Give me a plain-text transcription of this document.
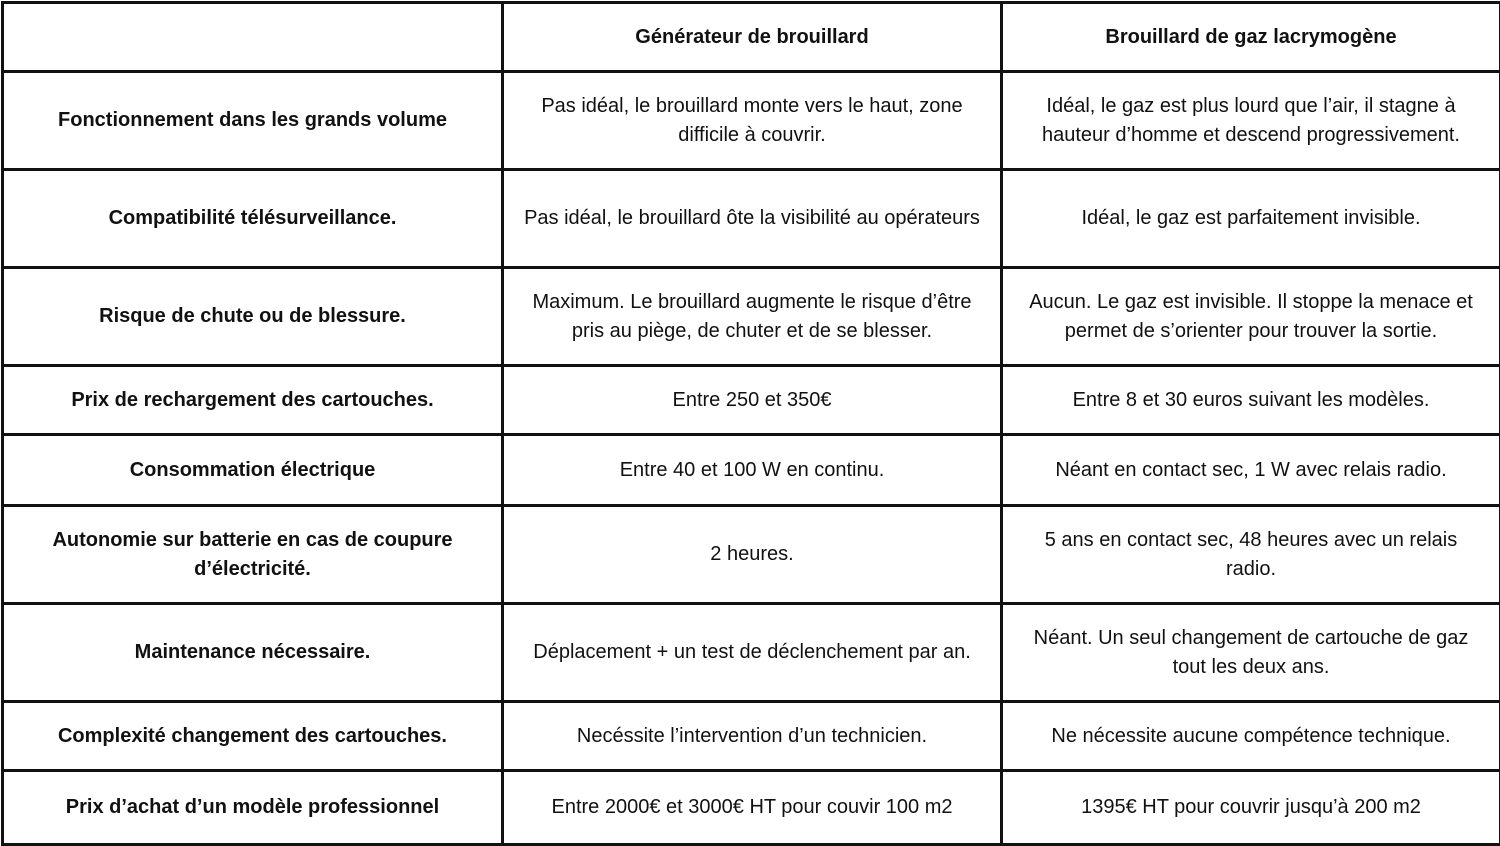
	Générateur de brouillard	Brouillard de gaz lacrymogène
Fonctionnement dans les grands volume	Pas idéal, le brouillard monte vers le haut, zone difficile à couvrir.	Idéal, le gaz est plus lourd que l’air, il stagne à hauteur d’homme et descend progressivement.
Compatibilité télésurveillance.	Pas idéal, le brouillard ôte la visibilité au opérateurs	Idéal, le gaz est parfaitement invisible.
Risque de chute ou de blessure.	Maximum. Le brouillard augmente le risque d’être pris au piège, de chuter et de se blesser.	Aucun. Le gaz est invisible. Il stoppe la menace et permet de s’orienter pour trouver la sortie.
Prix de rechargement des cartouches.	Entre 250 et 350€	Entre 8 et 30 euros suivant les modèles.
Consommation électrique	Entre 40 et 100 W en continu.	Néant en contact sec, 1 W avec relais radio.
Autonomie sur batterie en cas de coupure d’électricité.	2 heures.	5 ans en contact sec, 48 heures avec un relais radio.
Maintenance nécessaire.	Déplacement + un test de déclenchement par an.	Néant. Un seul changement de cartouche de gaz tout les deux ans.
Complexité changement des cartouches.	Necéssite l’intervention d’un technicien.	Ne nécessite aucune compétence technique.
Prix d’achat d’un modèle professionnel	Entre 2000€ et 3000€ HT pour couvir 100 m2	1395€ HT pour couvrir jusqu’à 200 m2
